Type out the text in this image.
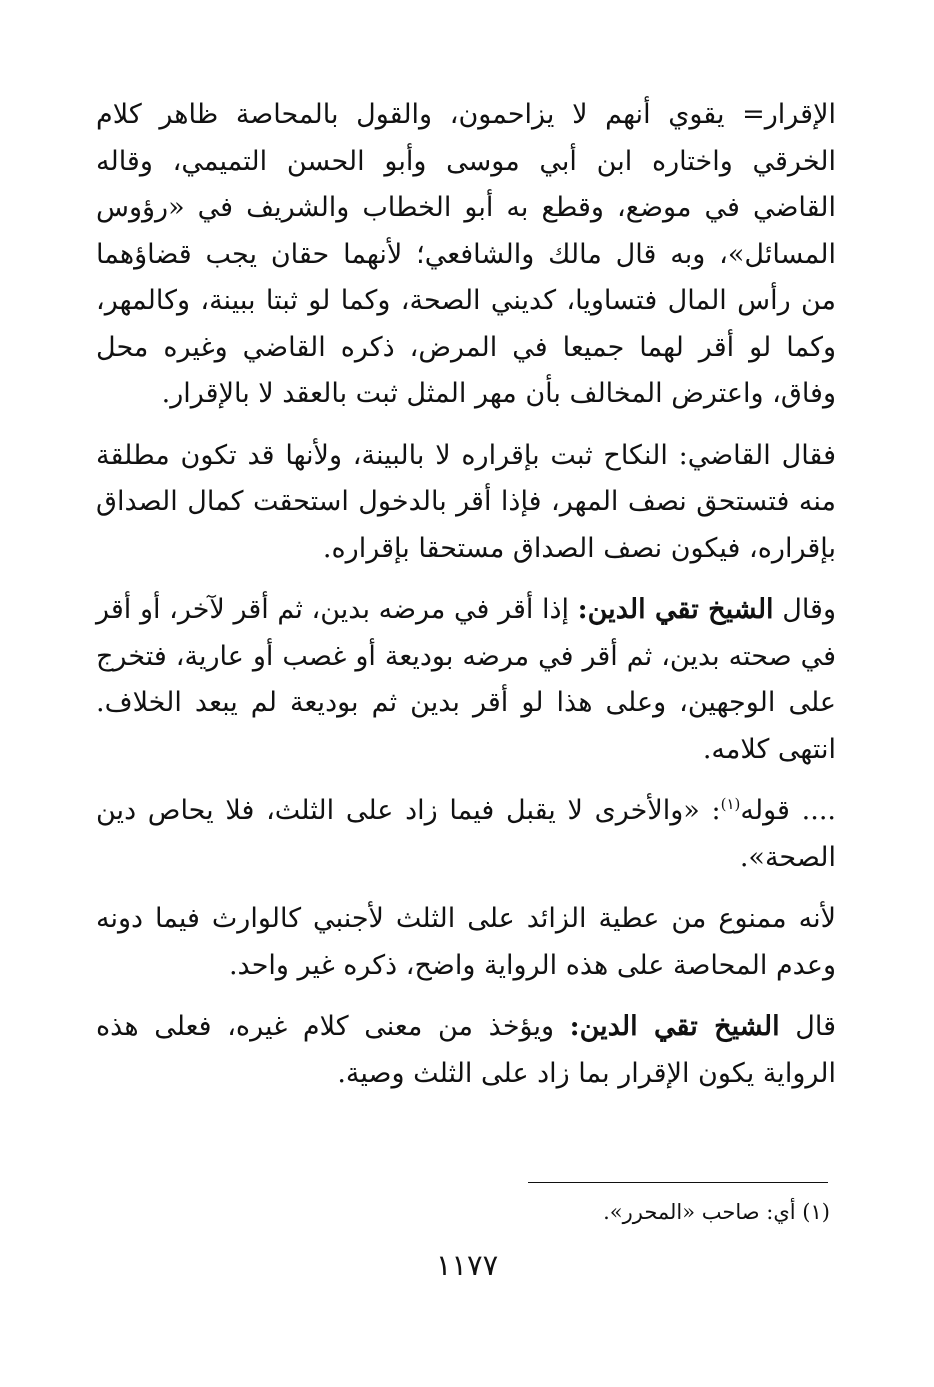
الإقرار= يقوي أنهم لا يزاحمون، والقول بالمحاصة ظاهر كلام الخرقي واختاره ابن أبي موسى وأبو الحسن التميمي، وقاله القاضي في موضع، وقطع به أبو الخطاب والشريف في «رؤوس المسائل»، وبه قال مالك والشافعي؛ لأنهما حقان يجب قضاؤهما من رأس المال فتساويا، كديني الصحة، وكما لو ثبتا ببينة، وكالمهر، وكما لو أقر لهما جميعا في المرض، ذكره القاضي وغيره محل وفاق، واعترض المخالف بأن مهر المثل ثبت بالعقد لا بالإقرار.

فقال القاضي: النكاح ثبت بإقراره لا بالبينة، ولأنها قد تكون مطلقة منه فتستحق نصف المهر، فإذا أقر بالدخول استحقت كمال الصداق بإقراره، فيكون نصف الصداق مستحقا بإقراره.

وقال الشيخ تقي الدين: إذا أقر في مرضه بدين، ثم أقر لآخر، أو أقر في صحته بدين، ثم أقر في مرضه بوديعة أو غصب أو عارية، فتخرج على الوجهين، وعلى هذا لو أقر بدين ثم بوديعة لم يبعد الخلاف. انتهى كلامه.

.... قوله$^{(١)}$: «والأخرى لا يقبل فيما زاد على الثلث، فلا يحاص دين الصحة».

لأنه ممنوع من عطية الزائد على الثلث لأجنبي كالوارث فيما دونه وعدم المحاصة على هذه الرواية واضح، ذكره غير واحد.

قال الشيخ تقي الدين: ويؤخذ من معنى كلام غيره، فعلى هذه الرواية يكون الإقرار بما زاد على الثلث وصية.

(١) أي: صاحب «المحرر».
١١٧٧
